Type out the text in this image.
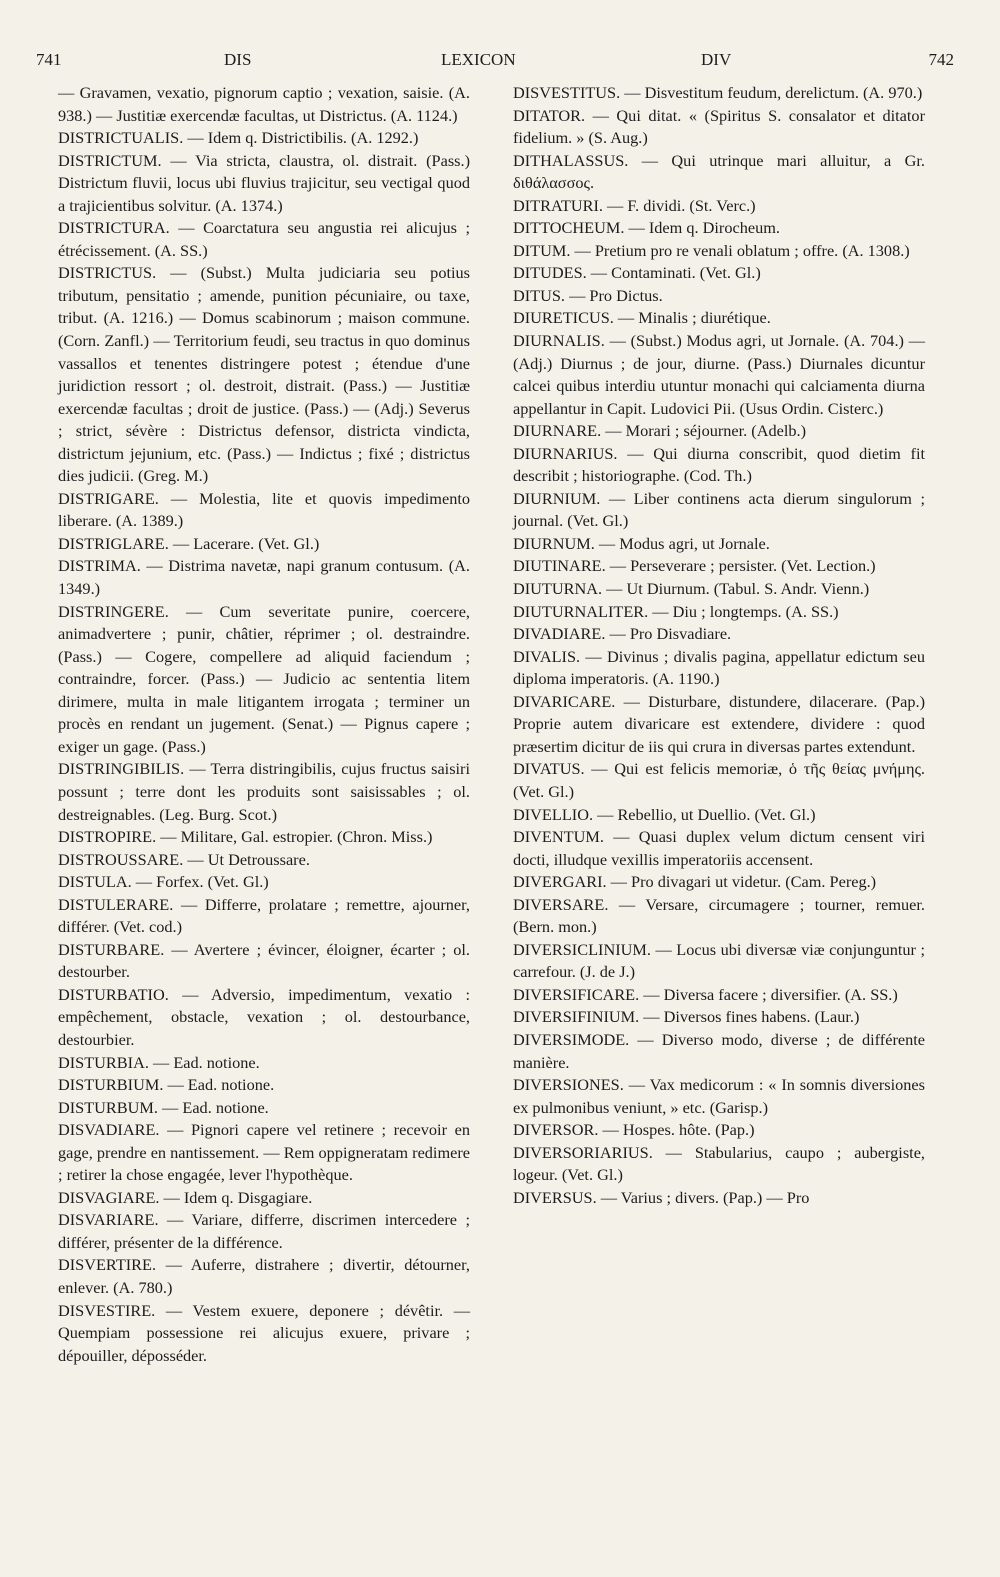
741	DIS	LEXICON	DIV	742

— Gravamen, vexatio, pignorum captio ; vexation, saisie. (A. 938.) — Justitiæ exercendæ facultas, ut Districtus. (A. 1124.)

DISTRICTUALIS. — Idem q. Districtibilis. (A. 1292.)

DISTRICTUM. — Via stricta, claustra, ol. distrait. (Pass.) Districtum fluvii, locus ubi fluvius trajicitur, seu vectigal quod a trajicientibus solvitur. (A. 1374.)

DISTRICTURA. — Coarctatura seu angustia rei alicujus ; étrécissement. (A. SS.)

DISTRICTUS. — (Subst.) Multa judiciaria seu potius tributum, pensitatio ; amende, punition pécuniaire, ou taxe, tribut. (A. 1216.) — Domus scabinorum ; maison commune. (Corn. Zanfl.) — Territorium feudi, seu tractus in quo dominus vassallos et tenentes distringere potest ; étendue d'une juridiction ressort ; ol. destroit, distrait. (Pass.) — Justitiæ exercendæ facultas ; droit de justice. (Pass.) — (Adj.) Severus ; strict, sévère : Districtus defensor, districta vindicta, districtum jejunium, etc. (Pass.) — Indictus ; fixé ; districtus dies judicii. (Greg. M.)

DISTRIGARE. — Molestia, lite et quovis impedimento liberare. (A. 1389.)

DISTRIGLARE. — Lacerare. (Vet. Gl.)

DISTRIMA. — Distrima navetæ, napi granum contusum. (A. 1349.)

DISTRINGERE. — Cum severitate punire, coercere, animadvertere ; punir, châtier, réprimer ; ol. destraindre. (Pass.) — Cogere, compellere ad aliquid faciendum ; contraindre, forcer. (Pass.) — Judicio ac sententia litem dirimere, multa in male litigantem irrogata ; terminer un procès en rendant un jugement. (Senat.) — Pignus capere ; exiger un gage. (Pass.)

DISTRINGIBILIS. — Terra distringibilis, cujus fructus saisiri possunt ; terre dont les produits sont saisissables ; ol. destreignables. (Leg. Burg. Scot.)

DISTROPIRE. — Militare, Gal. estropier. (Chron. Miss.)

DISTROUSSARE. — Ut Detroussare.

DISTULA. — Forfex. (Vet. Gl.)

DISTULERARE. — Differre, prolatare ; remettre, ajourner, différer. (Vet. cod.)

DISTURBARE. — Avertere ; évincer, éloigner, écarter ; ol. destourber.

DISTURBATIO. — Adversio, impedimentum, vexatio : empêchement, obstacle, vexation ; ol. destourbance, destourbier.

DISTURBIA. — Ead. notione.

DISTURBIUM. — Ead. notione.

DISTURBUM. — Ead. notione.

DISVADIARE. — Pignori capere vel retinere ; recevoir en gage, prendre en nantissement. — Rem oppigneratam redimere ; retirer la chose engagée, lever l'hypothèque.

DISVAGIARE. — Idem q. Disgagiare.

DISVARIARE. — Variare, differre, discrimen intercedere ; différer, présenter de la différence.

DISVERTIRE. — Auferre, distrahere ; divertir, détourner, enlever. (A. 780.)

DISVESTIRE. — Vestem exuere, deponere ; dévêtir. — Quempiam possessione rei alicujus exuere, privare ; dépouiller, déposséder.

DISVESTITUS. — Disvestitum feudum, derelictum. (A. 970.)

DITATOR. — Qui ditat. « (Spiritus S. consalator et ditator fidelium. » (S. Aug.)

DITHALASSUS. — Qui utrinque mari alluitur, a Gr. διθάλασσος.

DITRATURI. — F. dividi. (St. Verc.)

DITTOCHEUM. — Idem q. Dirocheum.

DITUM. — Pretium pro re venali oblatum ; offre. (A. 1308.)

DITUDES. — Contaminati. (Vet. Gl.)

DITUS. — Pro Dictus.

DIURETICUS. — Minalis ; diurétique.

DIURNALIS. — (Subst.) Modus agri, ut Jornale. (A. 704.) — (Adj.) Diurnus ; de jour, diurne. (Pass.) Diurnales dicuntur calcei quibus interdiu utuntur monachi qui calciamenta diurna appellantur in Capit. Ludovici Pii. (Usus Ordin. Cisterc.)

DIURNARE. — Morari ; séjourner. (Adelb.)

DIURNARIUS. — Qui diurna conscribit, quod dietim fit describit ; historiographe. (Cod. Th.)

DIURNIUM. — Liber continens acta dierum singulorum ; journal. (Vet. Gl.)

DIURNUM. — Modus agri, ut Jornale.

DIUTINARE. — Perseverare ; persister. (Vet. Lection.)

DIUTURNA. — Ut Diurnum. (Tabul. S. Andr. Vienn.)

DIUTURNALITER. — Diu ; longtemps. (A. SS.)

DIVADIARE. — Pro Disvadiare.

DIVALIS. — Divinus ; divalis pagina, appellatur edictum seu diploma imperatoris. (A. 1190.)

DIVARICARE. — Disturbare, distundere, dilacerare. (Pap.) Proprie autem divaricare est extendere, dividere : quod præsertim dicitur de iis qui crura in diversas partes extendunt.

DIVATUS. — Qui est felicis memoriæ, ὁ τῆς θείας μνήμης. (Vet. Gl.)

DIVELLIO. — Rebellio, ut Duellio. (Vet. Gl.)

DIVENTUM. — Quasi duplex velum dictum censent viri docti, illudque vexillis imperatoriis accensent.

DIVERGARI. — Pro divagari ut videtur. (Cam. Pereg.)

DIVERSARE. — Versare, circumagere ; tourner, remuer. (Bern. mon.)

DIVERSICLINIUM. — Locus ubi diversæ viæ conjunguntur ; carrefour. (J. de J.)

DIVERSIFICARE. — Diversa facere ; diversifier. (A. SS.)

DIVERSIFINIUM. — Diversos fines habens. (Laur.)

DIVERSIMODE. — Diverso modo, diverse ; de différente manière.

DIVERSIONES. — Vax medicorum : « In somnis diversiones ex pulmonibus veniunt, » etc. (Garisp.)

DIVERSOR. — Hospes. hôte. (Pap.)

DIVERSORIARIUS. — Stabularius, caupo ; aubergiste, logeur. (Vet. Gl.)

DIVERSUS. — Varius ; divers. (Pap.) — Pro
